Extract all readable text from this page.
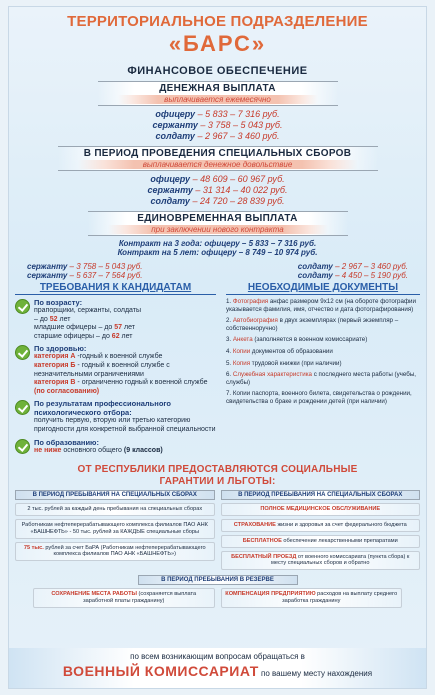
ТЕРРИТОРИАЛЬНОЕ ПОДРАЗДЕЛЕНИЕ
«БАРС»
ФИНАНСОВОЕ ОБЕСПЕЧЕНИЕ
ДЕНЕЖНАЯ ВЫПЛАТА
выплачивается ежемесячно
офицеру – 5 833 – 7 316 руб.
сержанту – 3 758 – 5 043 руб.
солдату – 2 967 – 3 460 руб.
В ПЕРИОД ПРОВЕДЕНИЯ СПЕЦИАЛЬНЫХ СБОРОВ
выплачивается денежное довольствие
офицеру – 48 609 – 60 967 руб.
сержанту – 31 314 – 40 022 руб.
солдату – 24 720 – 28 839 руб.
ЕДИНОВРЕМЕННАЯ ВЫПЛАТА
при заключении нового контракта
Контракт на 3 года: офицеру – 5 833 – 7 316 руб.
Контракт на 5 лет: офицеру – 8 749 – 10 974 руб.
сержанту – 3 758 – 5 043 руб.
сержанту – 5 637 – 7 564 руб.
солдату – 2 967 – 3 460 руб.
солдату – 4 450 – 5 190 руб.
ТРЕБОВАНИЯ К КАНДИДАТАМ
По возрасту:
прапорщики, сержанты, солдаты
– до 52 лет
младшие офицеры – до 57 лет
старшие офицеры – до 62 лет
По здоровью:
категория А -годный к военной службе
категория Б - годный к военной службе с незначительными ограничениями
категория В - ограниченно годный к военной службе (по согласованию)
По результатам профессионального психологического отбора:
получить первую, вторую или третью категорию пригодности для конкретной выбранной специальности
По образованию:
не ниже основного общего (9 классов)
НЕОБХОДИМЫЕ ДОКУМЕНТЫ
1. Фотография анфас размером 9х12 см (на обороте фотографии указывается фамилия, имя, отчество и дата фотографирования)
2. Автобиография в двух экземплярах (первый экземпляр – собственноручно)
3. Анкета (заполняется в военном комиссариате)
4. Копии документов об образовании
5. Копия трудовой книжки (при наличии)
6. Служебная характеристика с последнего места работы (учебы, службы)
7. Копии паспорта, военного билета, свидетельства о рождении, свидетельства о браке и рождении детей (при наличии)
ОТ РЕСПУБЛИКИ ПРЕДОСТАВЛЯЮТСЯ СОЦИАЛЬНЫЕ
ГАРАНТИИ И ЛЬГОТЫ:
В ПЕРИОД ПРЕБЫВАНИЯ НА СПЕЦИАЛЬНЫХ СБОРАХ
2 тыс. рублей за каждый день пребывания на специальных сборах
Работникам нефтеперерабатывающего комплекса филиалов ПАО АНК «БАШНЕФТЬ» - 50 тыс. рублей за КАЖДЫЕ специальные сборы
75 тыс. рублей за счет БаРА (Работникам нефтеперерабатывающего комплекса филиалов ПАО АНК «БАШНЕФТЬ»)
В ПЕРИОД ПРЕБЫВАНИЯ НА СПЕЦИАЛЬНЫХ СБОРАХ
ПОЛНОЕ МЕДИЦИНСКОЕ ОБСЛУЖИВАНИЕ
СТРАХОВАНИЕ жизни и здоровья за счет федерального бюджета
БЕСПЛАТНОЕ обеспечение лекарственными препаратами
БЕСПЛАТНЫЙ ПРОЕЗД от военного комиссариата (пункта сбора) к месту специальных сборов и обратно
В ПЕРИОД ПРЕБЫВАНИЯ В РЕЗЕРВЕ
СОХРАНЕНИЕ МЕСТА РАБОТЫ (сохраняется выплата заработной платы гражданину)
КОМПЕНСАЦИЯ ПРЕДПРИЯТИЮ расходов на выплату среднего заработка гражданину
по всем возникающим вопросам обращаться в
ВОЕННЫЙ КОМИССАРИАТ по вашему месту нахождения
